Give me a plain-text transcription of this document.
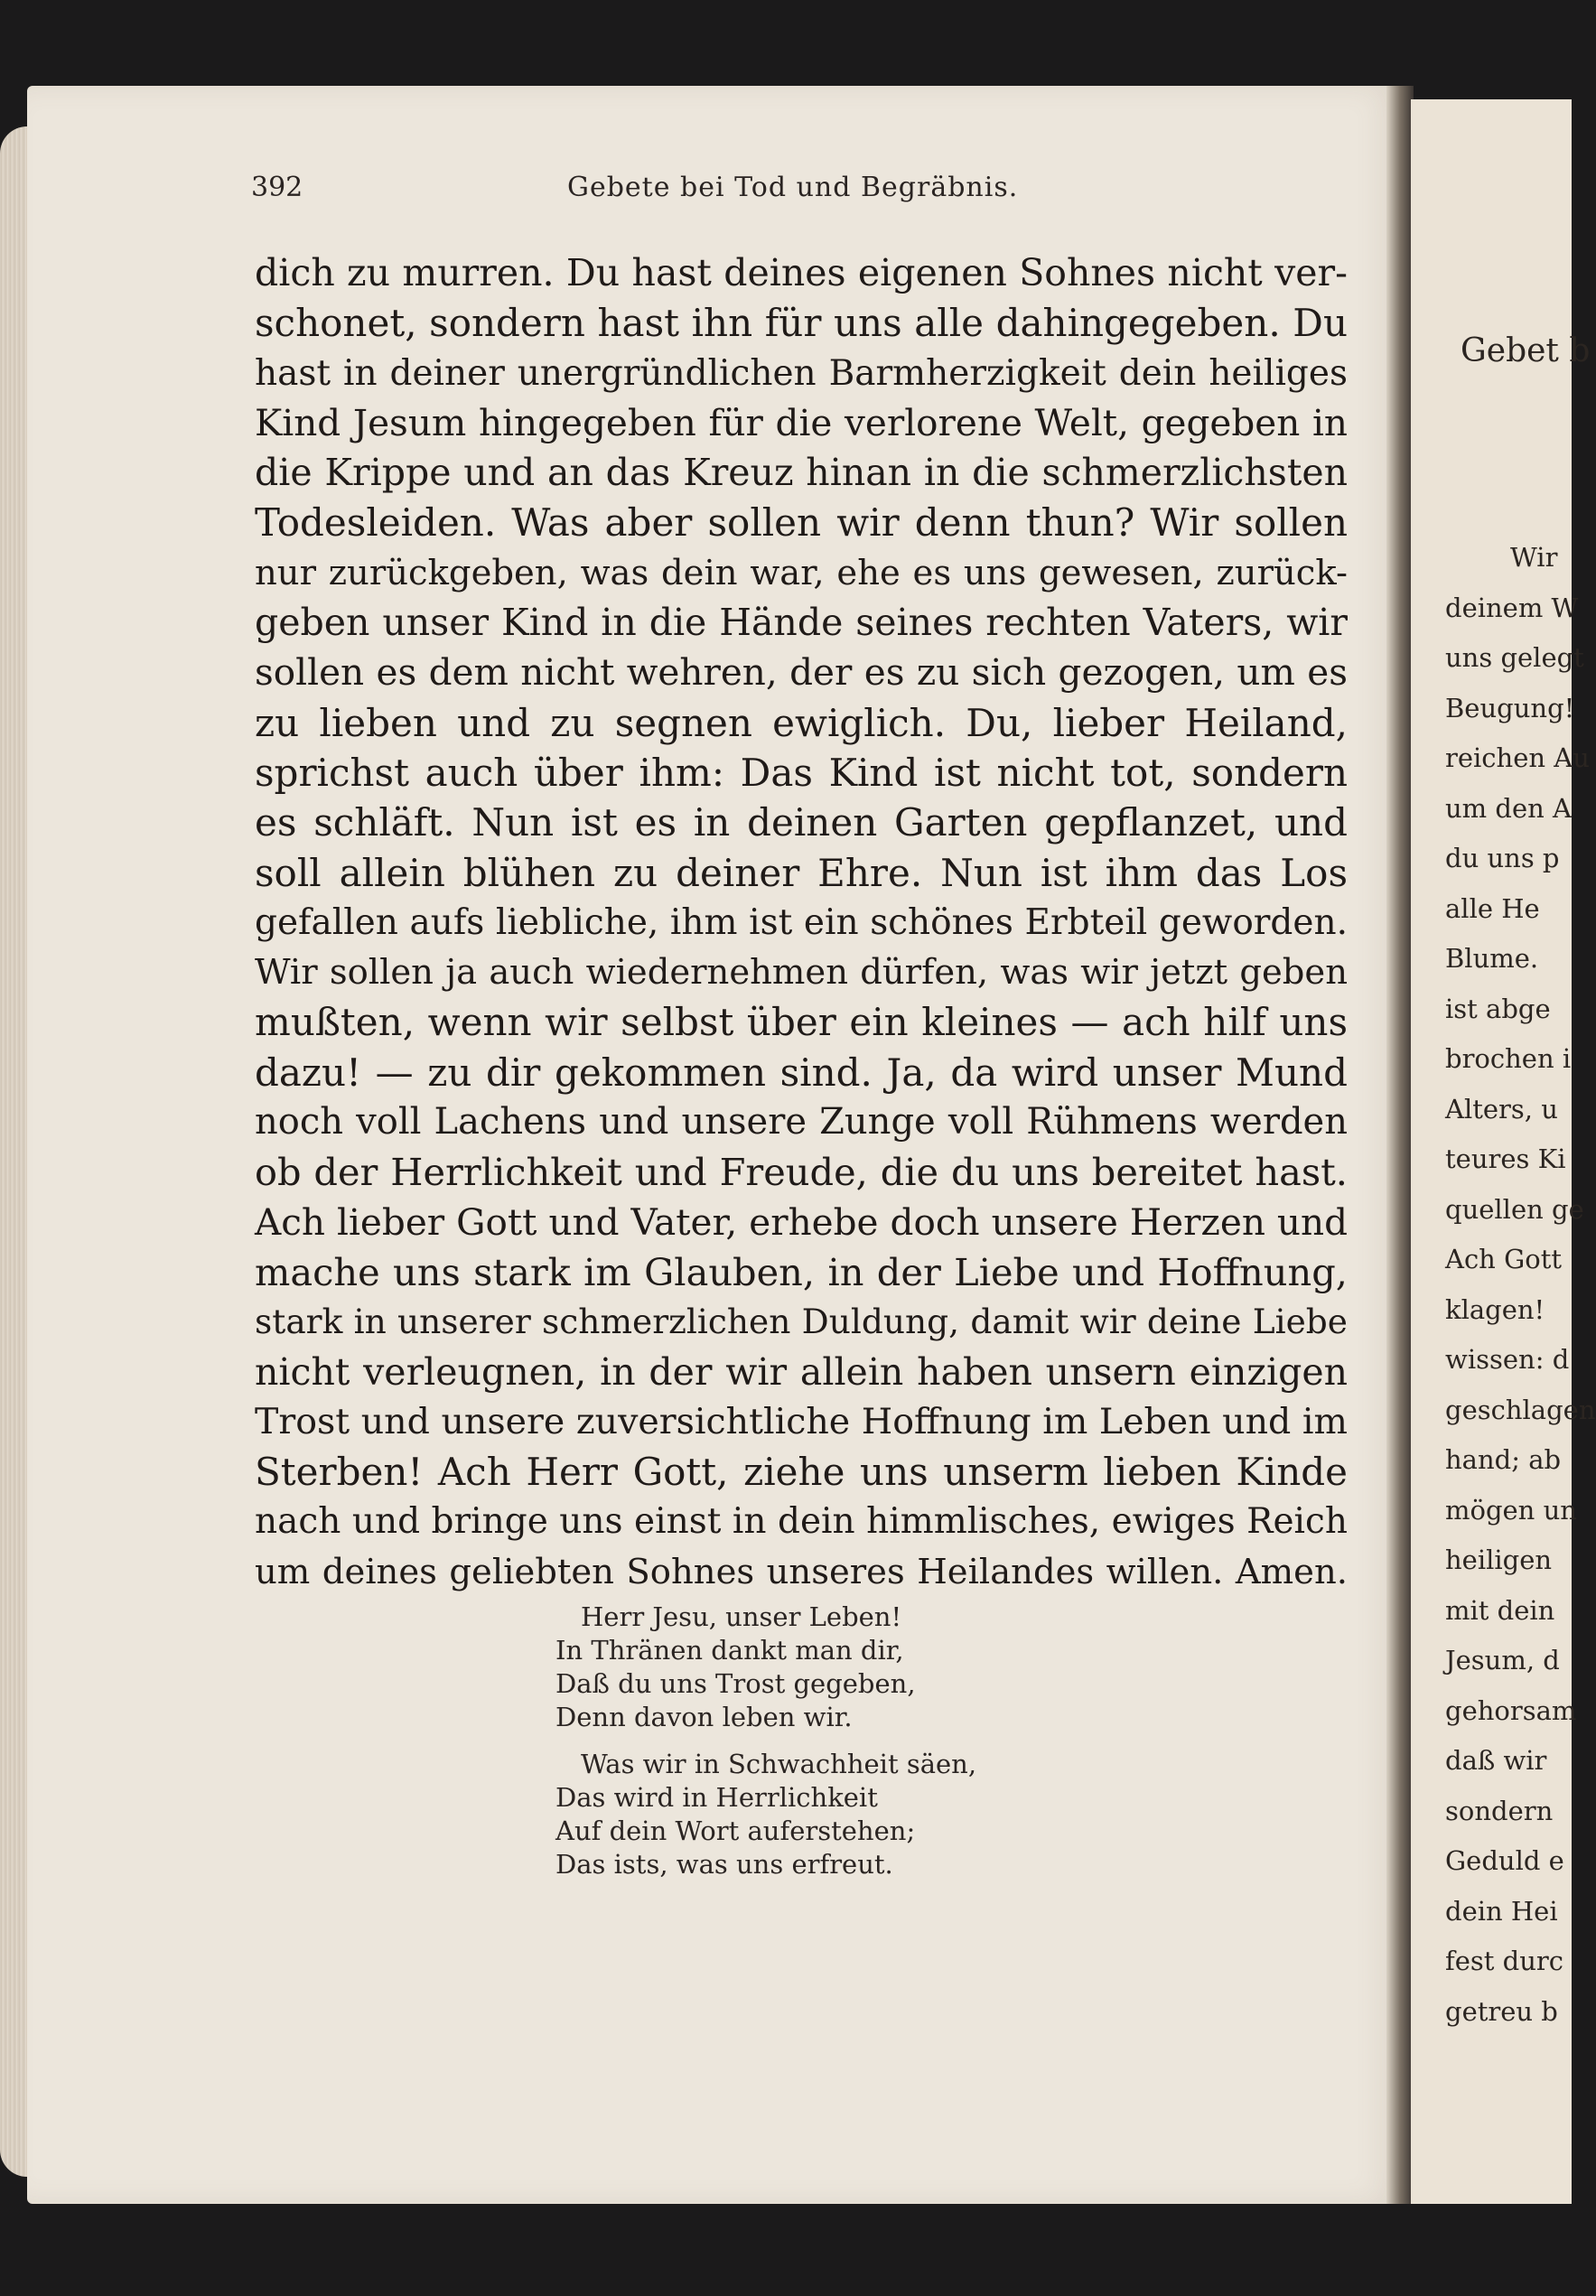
392	Gebete bei Tod und Begräbnis.
dich zu murren. Du hast deines eigenen Sohnes nicht ver-
schonet, sondern hast ihn für uns alle dahingegeben. Du
hast in deiner unergründlichen Barmherzigkeit dein heiliges
Kind Jesum hingegeben für die verlorene Welt, gegeben in
die Krippe und an das Kreuz hinan in die schmerzlichsten
Todesleiden. Was aber sollen wir denn thun? Wir sollen
nur zurückgeben, was dein war, ehe es uns gewesen, zurück-
geben unser Kind in die Hände seines rechten Vaters, wir
sollen es dem nicht wehren, der es zu sich gezogen, um es
zu lieben und zu segnen ewiglich. Du, lieber Heiland,
sprichst auch über ihm: Das Kind ist nicht tot, sondern
es schläft. Nun ist es in deinen Garten gepflanzet, und
soll allein blühen zu deiner Ehre. Nun ist ihm das Los
gefallen aufs liebliche, ihm ist ein schönes Erbteil geworden.
Wir sollen ja auch wiedernehmen dürfen, was wir jetzt geben
mußten, wenn wir selbst über ein kleines — ach hilf uns
dazu! — zu dir gekommen sind. Ja, da wird unser Mund
noch voll Lachens und unsere Zunge voll Rühmens werden
ob der Herrlichkeit und Freude, die du uns bereitet hast.
Ach lieber Gott und Vater, erhebe doch unsere Herzen und
mache uns stark im Glauben, in der Liebe und Hoffnung,
stark in unserer schmerzlichen Duldung, damit wir deine Liebe
nicht verleugnen, in der wir allein haben unsern einzigen
Trost und unsere zuversichtliche Hoffnung im Leben und im
Sterben! Ach Herr Gott, ziehe uns unserm lieben Kinde
nach und bringe uns einst in dein himmlisches, ewiges Reich
um deines geliebten Sohnes unseres Heilandes willen. Amen.
Herr Jesu, unser Leben!
In Thränen dankt man dir,
Daß du uns Trost gegeben,
Denn davon leben wir.
Was wir in Schwachheit säen,
Das wird in Herrlichkeit
Auf dein Wort auferstehen;
Das ists, was uns erfreut.
Gebet b
Wir
deinem W
uns gelegt
Beugung!
reichen Au
um den A
du uns p
alle He
Blume.
ist abge
brochen i
Alters, u
teures Ki
quellen ge
Ach Gott
klagen!
wissen: d
geschlagen
hand; ab
mögen un
heiligen
mit dein
Jesum, d
gehorsam
daß wir
sondern
Geduld e
dein Hei
fest durc
getreu b
